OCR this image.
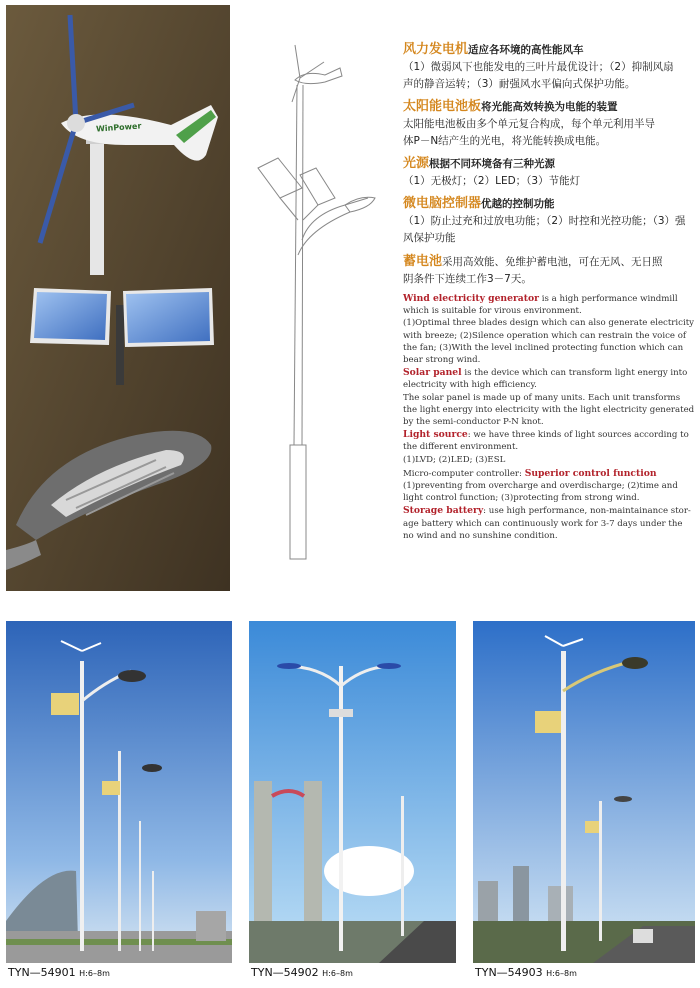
WinPower
风力发电机适应各环境的高性能风车
（1）微弱风下也能发电的三叶片最优设计；（2）抑制风扇
声的静音运转；（3）耐强风水平偏向式保护功能。
太阳能电池板将光能高效转换为电能的装置
太阳能电池板由多个单元复合构成，每个单元利用半导
体P－N结产生的光电，将光能转换成电能。
光源根据不同环境备有三种光源
（1）无极灯；（2）LED；（3）节能灯
微电脑控制器优越的控制功能
（1）防止过充和过放电功能；（2）时控和光控功能；（3）强
风保护功能
蓄电池采用高效能、免维护蓄电池，可在无风、无日照
阴条件下连续工作3－7天。
Wind electricity generator is a high performance windmill
which is suitable for virous environment.
(1)Optimal three blades design which can also generate electricity
with breeze; (2)Silence operation which can restrain the voice of
the fan; (3)With the level inclined protecting function which can
bear strong wind.
Solar panel is the device which can transform light energy into
electricity with high efficiency.
The solar panel is made up of many units. Each unit transforms
the light energy into electricity with the light electricity generated
by the semi-conductor P-N knot.
Light source: we have three kinds of light sources according to
the different environment.
(1)LVD; (2)LED; (3)ESL
Micro-computer controller: Superior control function
(1)preventing from overcharge and overdischarge; (2)time and
light control function; (3)protecting from strong wind.
Storage battery: use high performance, non-maintainance stor-
age battery which can continuously work for 3-7 days under the
no wind and no sunshine condition.
TYN—54901 H:6–8m	TYN—54902 H:6–8m	TYN—54903 H:6–8m
